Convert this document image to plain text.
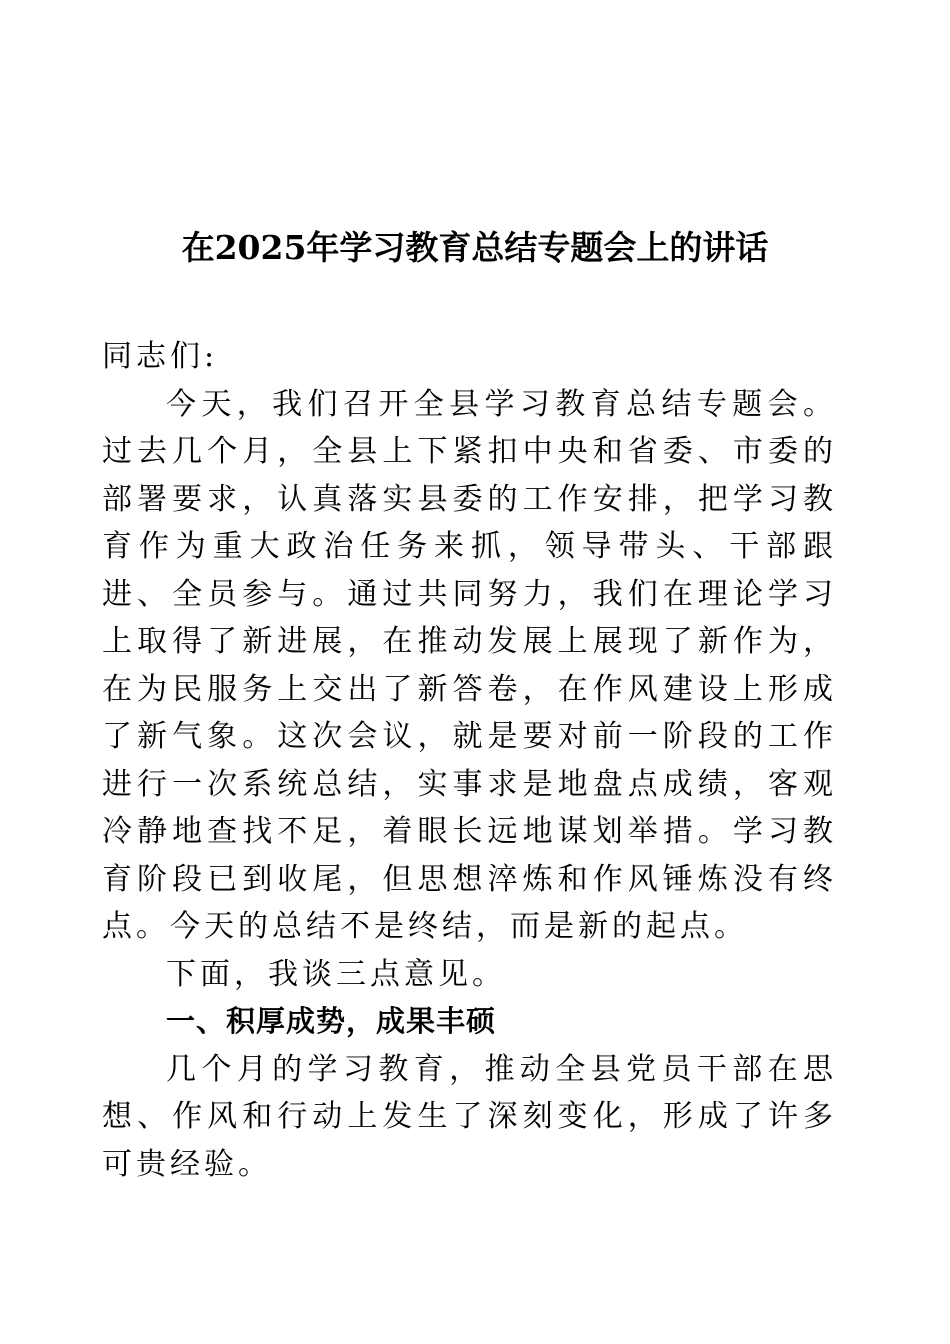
在2025年学习教育总结专题会上的讲话

同志们:

今天，我们召开全县学习教育总结专题会。过去几个月，全县上下紧扣中央和省委、市委的部署要求，认真落实县委的工作安排，把学习教育作为重大政治任务来抓，领导带头、干部跟进、全员参与。通过共同努力，我们在理论学习上取得了新进展，在推动发展上展现了新作为，在为民服务上交出了新答卷，在作风建设上形成了新气象。这次会议，就是要对前一阶段的工作进行一次系统总结，实事求是地盘点成绩，客观冷静地查找不足，着眼长远地谋划举措。学习教育阶段已到收尾，但思想淬炼和作风锤炼没有终点。今天的总结不是终结，而是新的起点。

下面，我谈三点意见。

一、积厚成势，成果丰硕

几个月的学习教育，推动全县党员干部在思想、作风和行动上发生了深刻变化，形成了许多可贵经验。
